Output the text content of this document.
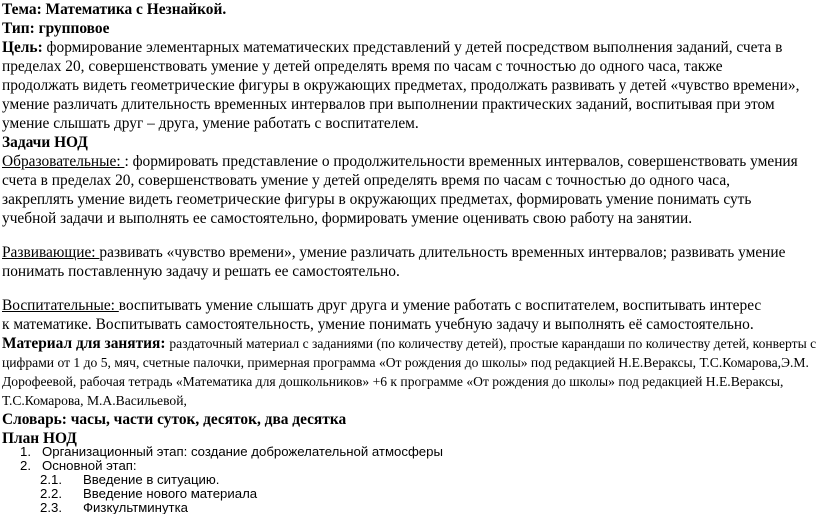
Тема: Математика с Незнайкой.
Тип: групповое
Цель: формирование элементарных математических представлений у детей посредством выполнения заданий, счета в
пределах 20, совершенствовать умение у детей определять время по часам с точностью до одного часа, также
продолжать видеть геометрические фигуры в окружающих предметах, продолжать развивать у детей «чувство времени»,
умение различать длительность временных интервалов при выполнении практических заданий, воспитывая при этом
умение слышать друг – друга, умение работать с воспитателем.
Задачи НОД
Образовательные: : формировать представление о продолжительности временных интервалов, совершенствовать умения
счета в пределах 20, совершенствовать умение у детей определять время по часам с точностью до одного часа,
закреплять умение видеть геометрические фигуры в окружающих предметах, формировать умение понимать суть
учебной задачи и выполнять ее самостоятельно, формировать умение оценивать свою работу на занятии.
Развивающие: развивать «чувство времени», умение различать длительность временных интервалов; развивать умение
понимать поставленную задачу и решать ее самостоятельно.
Воспитательные: воспитывать умение слышать друг друга и умение работать с воспитателем, воспитывать интерес
к математике. Воспитывать самостоятельность, умение понимать учебную задачу и выполнять её самостоятельно.
Материал для занятия: раздаточный материал с заданиями (по количеству детей), простые карандаши по количеству детей, конверты с
цифрами от 1 до 5, мяч, счетные палочки, примерная программа «От рождения до школы» под редакцией Н.Е.Вераксы, Т.С.Комарова,Э.М.
Дорофеевой, рабочая тетрадь «Математика для дошкольников» +6 к программе «От рождения до школы» под редакцией Н.Е.Вераксы,
Т.С.Комарова, М.А.Васильевой,
Словарь: часы, части суток, десяток, два десятка
План НОД
1. Организационный этап: создание доброжелательной атмосферы
2. Основной этап:
2.1. Введение в ситуацию.
2.2. Введение нового материала
2.3. Физкультминутка
